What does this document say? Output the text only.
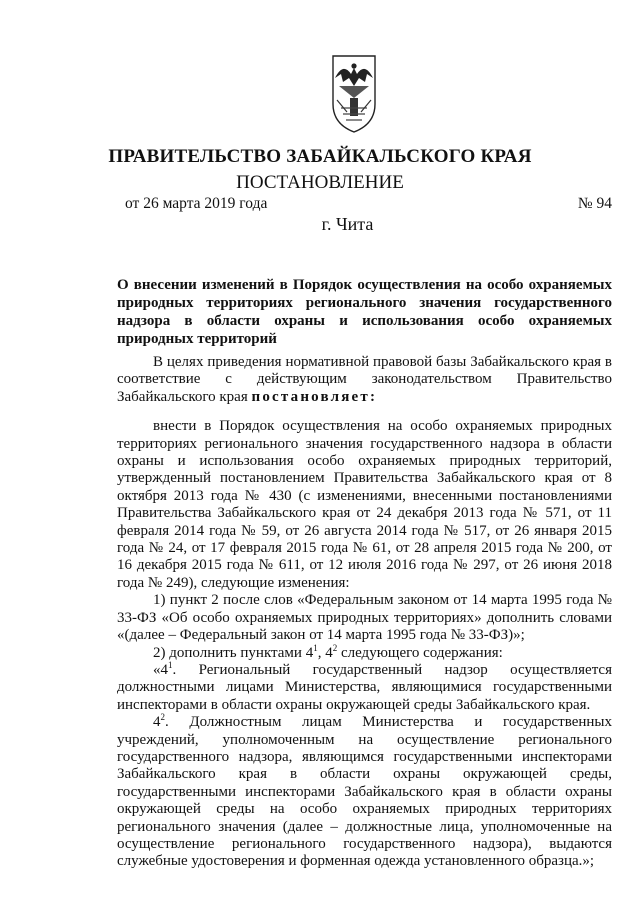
ПРАВИТЕЛЬСТВО ЗАБАЙКАЛЬСКОГО КРАЯ
ПОСТАНОВЛЕНИЕ
от 26 марта 2019 года	№ 94
г. Чита
О внесении изменений в Порядок осуществления на особо охраняемых природных территориях регионального значения государственного надзора в области охраны и использования особо охраняемых природных территорий

В целях приведения нормативной правовой базы Забайкальского края в соответствие с действующим законодательством Правительство Забайкальского края постановляет:

внести в Порядок осуществления на особо охраняемых природных территориях регионального значения государственного надзора в области охраны и использования особо охраняемых природных территорий, утвержденный постановлением Правительства Забайкальского края от 8 октября 2013 года № 430 (с изменениями, внесенными постановлениями Правительства Забайкальского края от 24 декабря 2013 года № 571, от 11 февраля 2014 года № 59, от 26 августа 2014 года № 517, от 26 января 2015 года № 24, от 17 февраля 2015 года № 61, от 28 апреля 2015 года № 200, от 16 декабря 2015 года № 611, от 12 июля 2016 года № 297, от 26 июня 2018 года № 249), следующие изменения:

1) пункт 2 после слов «Федеральным законом от 14 марта 1995 года № 33-ФЗ «Об особо охраняемых природных территориях» дополнить словами «(далее – Федеральный закон от 14 марта 1995 года № 33-ФЗ)»;

2) дополнить пунктами $4^1$, $4^2$ следующего содержания:

«$4^1$. Региональный государственный надзор осуществляется должностными лицами Министерства, являющимися государственными инспекторами в области охраны окружающей среды Забайкальского края.

$4^2$. Должностным лицам Министерства и государственных учреждений, уполномоченным на осуществление регионального государственного надзора, являющимся государственными инспекторами Забайкальского края в области охраны окружающей среды, государственными инспекторами Забайкальского края в области охраны окружающей среды на особо охраняемых природных территориях регионального значения (далее – должностные лица, уполномоченные на осуществление регионального государственного надзора), выдаются служебные удостоверения и форменная одежда установленного образца.»;
